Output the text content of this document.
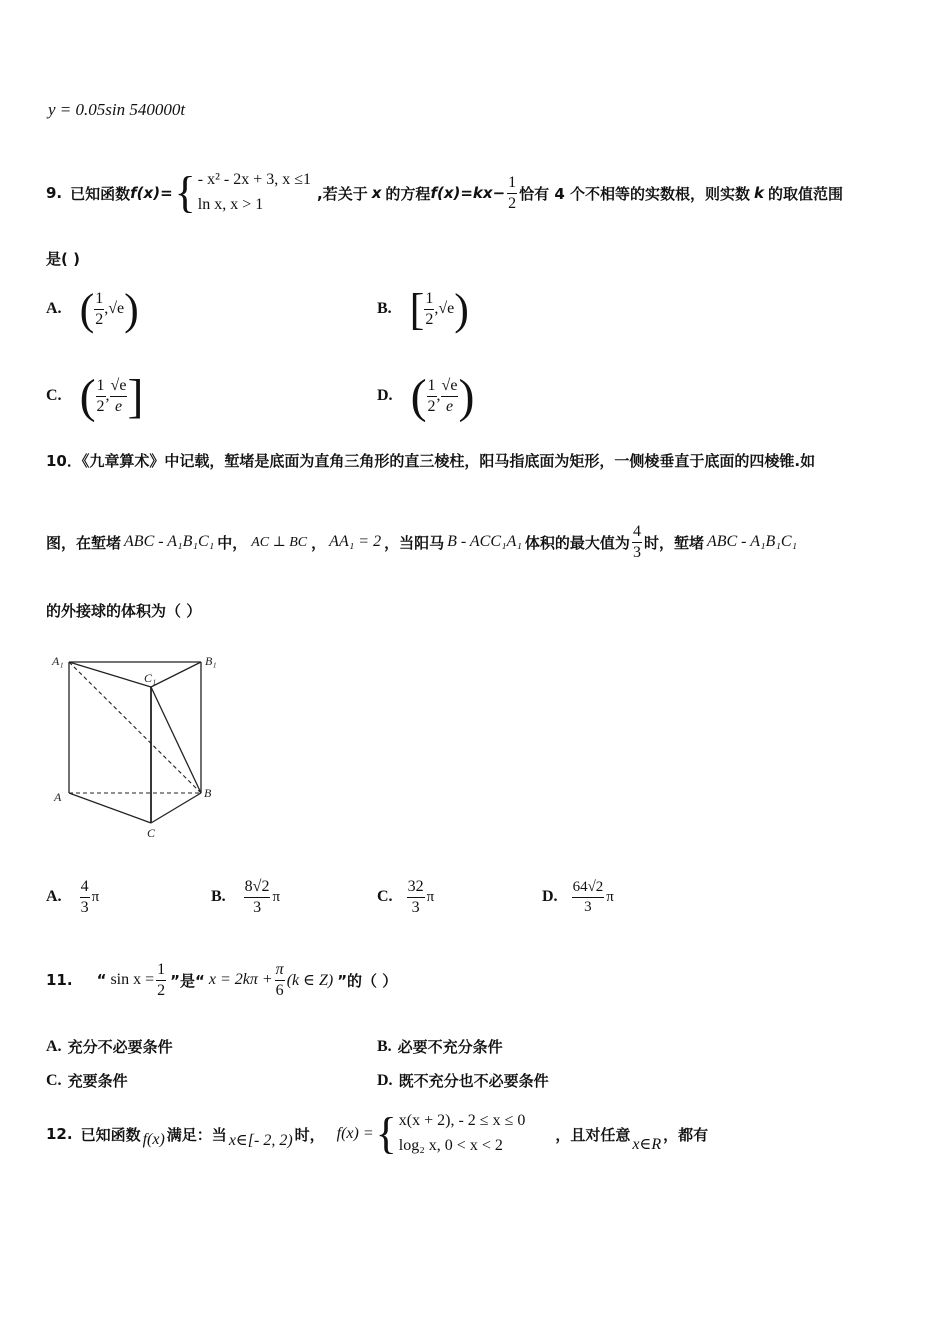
y = 0.05sin 540000t
9. 已知函数 f(x)= { - x² - 2x + 3, x ≤1
ln x, x > 1
,若关于 x 的方程 $f(x)=kx- \frac{1}{2}$ 恰有 4 个不相等的实数根，则实数 k 的取值范围
是( )
A. ( $\frac{1}{2} ,√e$ )	B. [ $\frac{1}{2} ,√e$ )
C. ( $\frac{1}{2}$ , $\frac{√e}{e}$ ]	D. ( $\frac{1}{2}$ , $\frac{√e}{e}$ )
10．《九章算术》中记载，堑堵是底面为直角三角形的直三棱柱，阳马指底面为矩形，一侧棱垂直于底面的四棱锥.如
图，在堑堵 ABC - A₁B₁C₁ 中， AC ⊥ BC ， AA₁ = 2 ，当阳马 B - ACC₁A₁ 体积的最大值为 $\frac{4}{3}$ 时，堑堵 ABC - A₁B₁C₁
的外接球的体积为（ ）
A₁	B₁
C₁
A	B
C
A. $\frac{4}{3}$ π	B. $\frac{8√2}{3}$ π	C. $\frac{32}{3}$ π	D. $\frac{64√2}{3}$ π
11. “ $\sin x = \frac{1}{2}$ ”是“ $x = 2k\pi + \frac{\pi}{6} (k$ ∈ Z) ”的（ ）
A. 充分不必要条件	B. 必要不充分条件
C. 充要条件	D. 既不充分也不必要条件
12. 已知函数 f(x) 满足：当 x∈[- 2, 2) 时， f(x) = { x(x + 2), - 2 ≤ x ≤ 0
log₂ x, 0 < x < 2
，且对任意
x∈R
，都有
